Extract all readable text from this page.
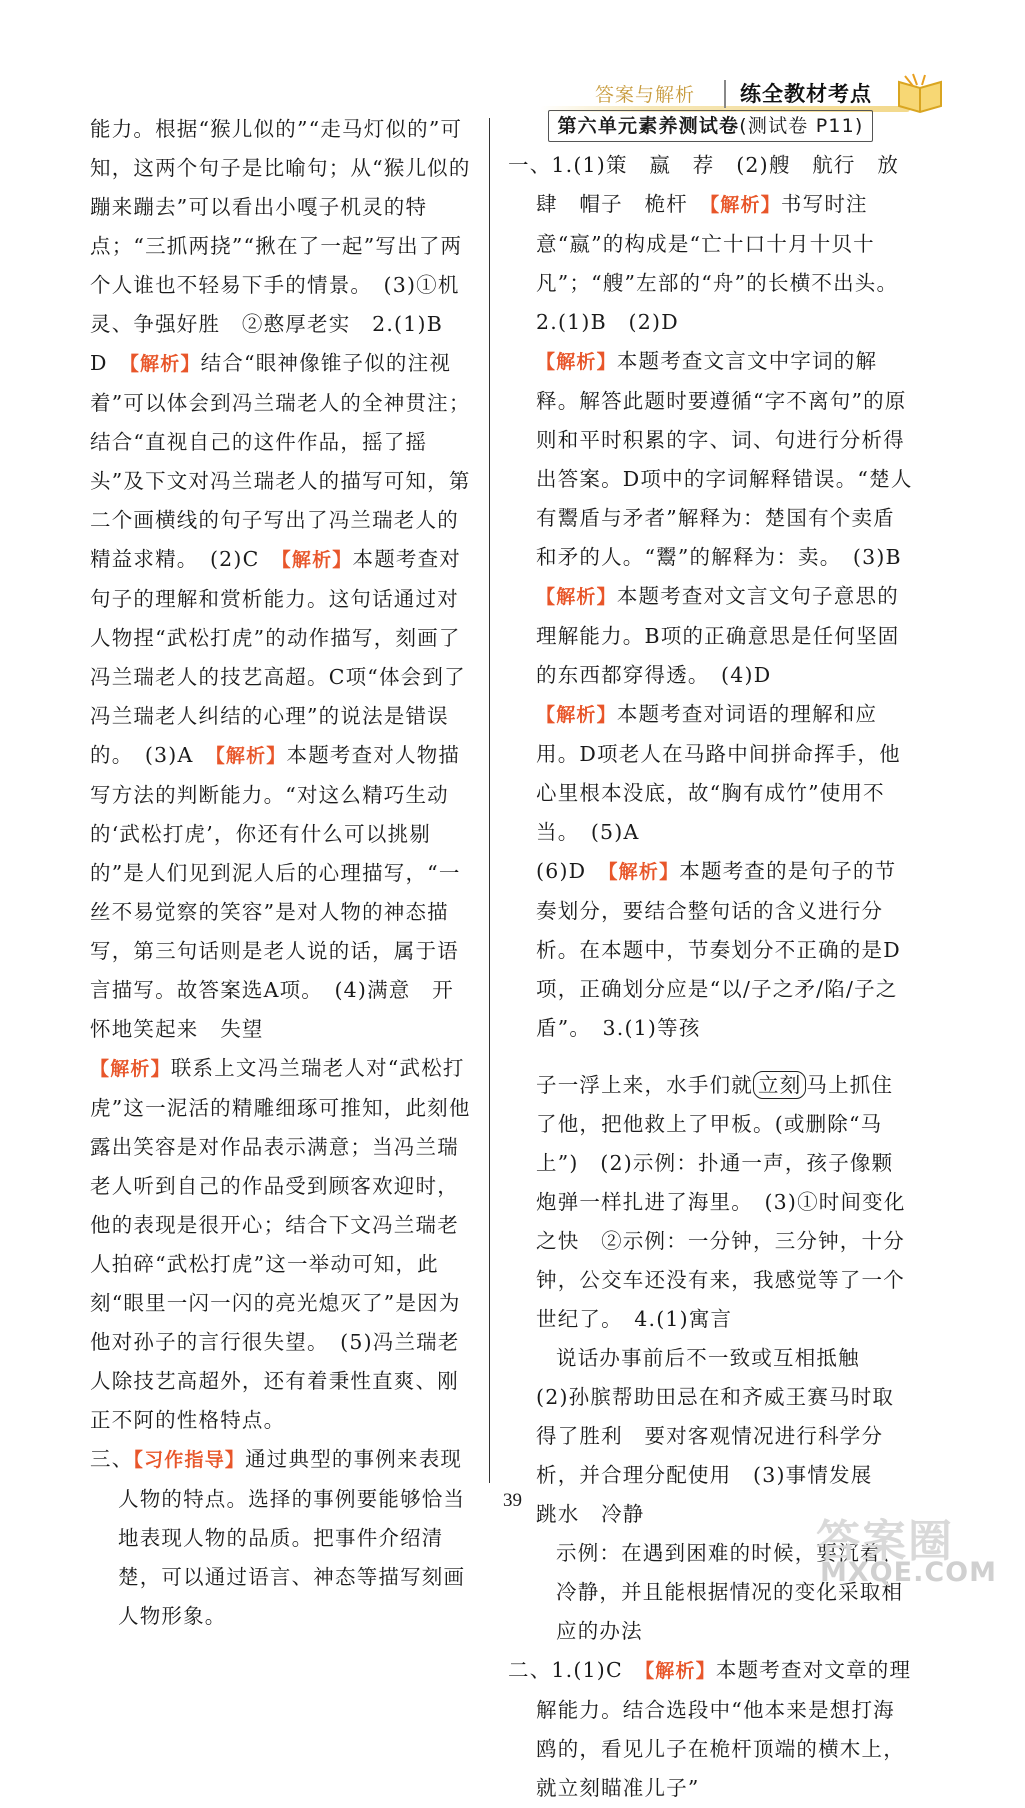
答案与解析 练全教材考点

能力。根据“猴儿似的”“走马灯似的”可知，这两个句子是比喻句；从“猴儿似的蹦来蹦去”可以看出小嘎子机灵的特点；“三抓两挠”“揪在了一起”写出了两个人谁也不轻易下手的情景。　(3)①机灵、争强好胜　②憨厚老实　2.(1)B　D　【解析】结合“眼神像锥子似的注视着”可以体会到冯兰瑞老人的全神贯注；结合“直视自己的这件作品，摇了摇头”及下文对冯兰瑞老人的描写可知，第二个画横线的句子写出了冯兰瑞老人的精益求精。　(2)C　【解析】本题考查对句子的理解和赏析能力。这句话通过对人物捏“武松打虎”的动作描写，刻画了冯兰瑞老人的技艺高超。C项“体会到了冯兰瑞老人纠结的心理”的说法是错误的。　(3)A　【解析】本题考查对人物描写方法的判断能力。“对这么精巧生动的‘武松打虎’，你还有什么可以挑剔的”是人们见到泥人后的心理描写，“一丝不易觉察的笑容”是对人物的神态描写，第三句话则是老人说的话，属于语言描写。故答案选A项。　(4)满意　开怀地笑起来　失望

【解析】联系上文冯兰瑞老人对“武松打虎”这一泥活的精雕细琢可推知，此刻他露出笑容是对作品表示满意；当冯兰瑞老人听到自己的作品受到顾客欢迎时，他的表现是很开心；结合下文冯兰瑞老人拍碎“武松打虎”这一举动可知，此刻“眼里一闪一闪的亮光熄灭了”是因为他对孙子的言行很失望。　(5)冯兰瑞老人除技艺高超外，还有着秉性直爽、刚正不阿的性格特点。

三、【习作指导】通过典型的事例来表现人物的特点。选择的事例要能够恰当地表现人物的品质。把事件介绍清楚，可以通过语言、神态等描写刻画人物形象。

第六单元素养测试卷(测试卷 P11)

一、1.(1)策　嬴　荐　(2)艘　航行　放肆　帽子　桅杆　【解析】书写时注意“嬴”的构成是“亡十口十月十贝十凡”；“艘”左部的“舟”的长横不出头。　2.(1)B　(2)D
【解析】本题考查文言文中字词的解释。解答此题时要遵循“字不离句”的原则和平时积累的字、词、句进行分析得出答案。D项中的字词解释错误。“楚人有鬻盾与矛者”解释为：楚国有个卖盾和矛的人。“鬻”的解释为：卖。　(3)B　【解析】本题考查对文言文句子意思的理解能力。B项的正确意思是任何坚固的东西都穿得透。　(4)D
【解析】本题考查对词语的理解和应用。D项老人在马路中间拼命挥手，他心里根本没底，故“胸有成竹”使用不当。　(5)A
(6)D　【解析】本题考查的是句子的节奏划分，要结合整句话的含义进行分析。在本题中，节奏划分不正确的是D项，正确划分应是“以/子之矛/陷/子之盾”。　3.(1)等孩

子一浮上来，水手们就 立刻 马上抓住了他，把他救上了甲板。(或删除“马上”)　(2)示例：扑通一声，孩子像颗炮弹一样扎进了海里。　(3)①时间变化之快　②示例：一分钟，三分钟，十分钟，公交车还没有来，我感觉等了一个世纪了。　4.(1)寓言

说话办事前后不一致或互相抵触

(2)孙膑帮助田忌在和齐威王赛马时取得了胜利　要对客观情况进行科学分析，并合理分配使用　(3)事情发展　跳水　冷静

示例：在遇到困难的时候，要沉着、冷静，并且能根据情况的变化采取相应的办法

二、1.(1)C　【解析】本题考查对文章的理解能力。结合选段中“他本来是想打海鸥的，看见儿子在桅杆顶端的横木上，就立刻瞄准儿子”

39
答案圈
MXQE.COM
